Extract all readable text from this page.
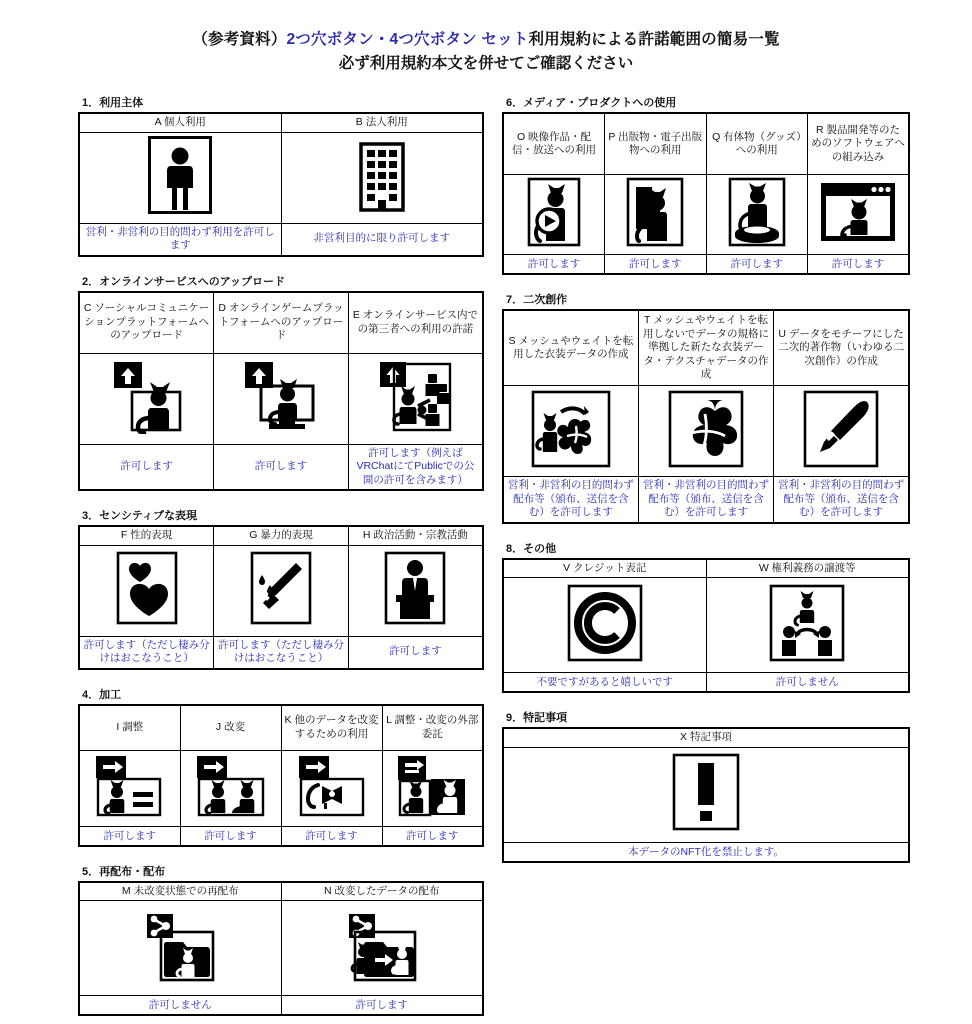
（参考資料）2つ穴ボタン・4つ穴ボタン セット利用規約による許諾範囲の簡易一覧
必ず利用規約本文を併せてご確認ください
1．利用主体
A 個人利用	B 法人利用

営利・非営利の目的問わず利用を許可します	非営利目的に限り許可します
2．オンラインサービスへのアップロード
C ソーシャルコミュニケーションプラットフォームへのアップロード	D オンラインゲームプラットフォームへのアップロード	E オンラインサービス内での第三者への利用の許諾

許可します	許可します	許可します（例えばVRChatにてPublicでの公開の許可を含みます）
3．センシティブな表現
F 性的表現	G 暴力的表現	H 政治活動・宗教活動

許可します（ただし棲み分けはおこなうこと）	許可します（ただし棲み分けはおこなうこと）	許可します
4．加工
I 調整	J 改変	K 他のデータを改変するための利用	L 調整・改変の外部委託

許可します	許可します	許可します	許可します
5．再配布・配布
M 未改変状態での再配布	N 改変したデータの配布

許可しません	許可します
6．メディア・プロダクトへの使用
O 映像作品・配信・放送への利用	P 出版物・電子出版物への利用	Q 有体物（グッズ）への利用	R 製品開発等のためのソフトウェアへの組み込み

許可します	許可します	許可します	許可します
7．二次創作
S メッシュやウェイトを転用した衣装データの作成	T メッシュやウェイトを転用しないでデータの規格に準拠した新たな衣装データ・テクスチャデータの作成	U データをモチーフにした二次的著作物（いわゆる二次創作）の作成

営利・非営利の目的問わず配布等（頒布、送信を含む）を許可します	営利・非営利の目的問わず配布等（頒布、送信を含む）を許可します	営利・非営利の目的問わず配布等（頒布、送信を含む）を許可します
8．その他
V クレジット表記	W 権利義務の譲渡等

不要ですがあると嬉しいです	許可しません
9．特記事項
X 特記事項

本データのNFT化を禁止します。
